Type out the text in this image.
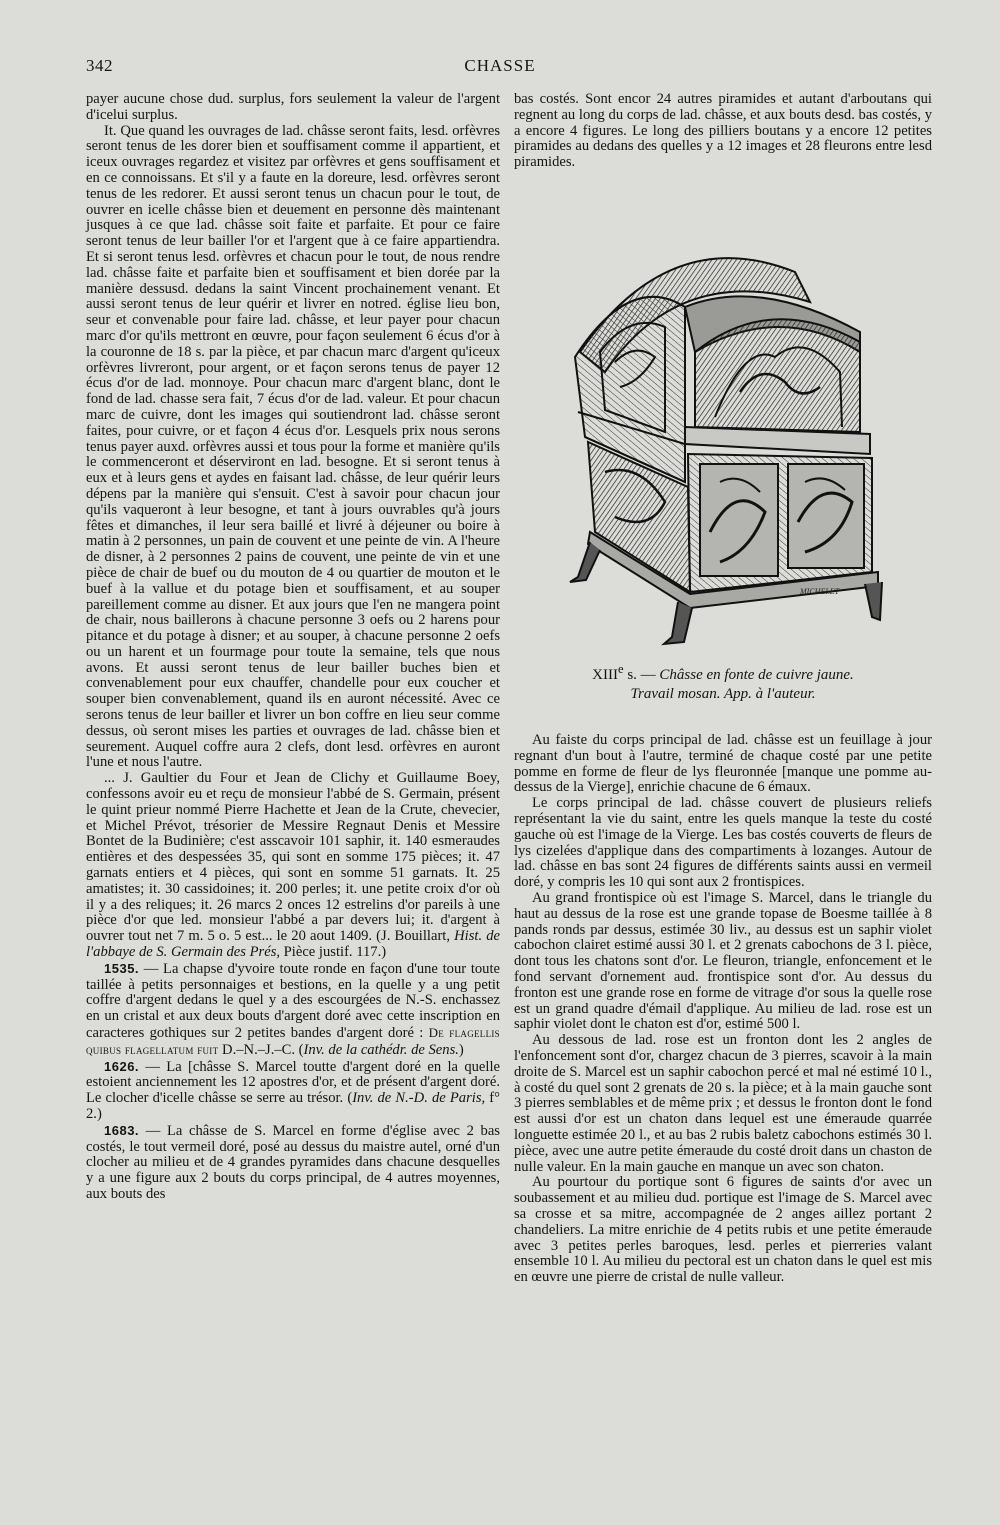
342	CHASSE

payer aucune chose dud. surplus, fors seulement la valeur de l'argent d'icelui surplus.

It. Que quand les ouvrages de lad. châsse seront faits, lesd. orfèvres seront tenus de les dorer bien et souffisament comme il appartient, et iceux ouvrages regardez et visitez par orfèvres et gens souffisament et en ce connoissans. Et s'il y a faute en la doreure, lesd. orfèvres seront tenus de les redorer. Et aussi seront tenus un chacun pour le tout, de ouvrer en icelle châsse bien et deuement en personne dès maintenant jusques à ce que lad. châsse soit faite et parfaite. Et pour ce faire seront tenus de leur bailler l'or et l'argent que à ce faire appartiendra. Et si seront tenus lesd. orfèvres et chacun pour le tout, de nous rendre lad. châsse faite et parfaite bien et souffisament et bien dorée par la manière dessusd. dedans la saint Vincent prochainement venant. Et aussi seront tenus de leur quérir et livrer en notred. église lieu bon, seur et convenable pour faire lad. châsse, et leur payer pour chacun marc d'or qu'ils mettront en œuvre, pour façon seulement 6 écus d'or à la couronne de 18 s. par la pièce, et par chacun marc d'argent qu'iceux orfèvres livreront, pour argent, or et façon serons tenus de payer 12 écus d'or de lad. monnoye. Pour chacun marc d'argent blanc, dont le fond de lad. chasse sera fait, 7 écus d'or de lad. valeur. Et pour chacun marc de cuivre, dont les images qui soutiendront lad. châsse seront faites, pour cuivre, or et façon 4 écus d'or. Lesquels prix nous serons tenus payer auxd. orfèvres aussi et tous pour la forme et manière qu'ils le commenceront et déserviront en lad. besogne. Et si seront tenus à eux et à leurs gens et aydes en faisant lad. châsse, de leur quérir leurs dépens par la manière qui s'ensuit. C'est à savoir pour chacun jour qu'ils vaqueront à leur besogne, et tant à jours ouvrables qu'à jours fêtes et dimanches, il leur sera baillé et livré à déjeuner ou boire à matin à 2 personnes, un pain de couvent et une peinte de vin. A l'heure de disner, à 2 personnes 2 pains de couvent, une peinte de vin et une pièce de chair de buef ou du mouton de 4 ou quartier de mouton et le buef à la vallue et du potage bien et souffisament, et au souper pareillement comme au disner. Et aux jours que l'en ne mangera point de chair, nous baillerons à chacune personne 3 oefs ou 2 harens pour pitance et du potage à disner; et au souper, à chacune personne 2 oefs ou un harent et un fourmage pour toute la semaine, tels que nous avons. Et aussi seront tenus de leur bailler buches bien et convenablement pour eux chauffer, chandelle pour eux coucher et souper bien convenablement, quand ils en auront nécessité. Avec ce serons tenus de leur bailler et livrer un bon coffre en lieu seur comme dessus, où seront mises les parties et ouvrages de lad. châsse bien et seurement. Auquel coffre aura 2 clefs, dont lesd. orfèvres en auront l'une et nous l'autre.

... J. Gaultier du Four et Jean de Clichy et Guillaume Boey, confessons avoir eu et reçu de monsieur l'abbé de S. Germain, présent le quint prieur nommé Pierre Hachette et Jean de la Crute, chevecier, et Michel Prévot, trésorier de Messire Regnaut Denis et Messire Bontet de la Budinière; c'est asscavoir 101 saphir, it. 140 esmeraudes entières et des despessées 35, qui sont en somme 175 pièces; it. 47 garnats entiers et 4 pièces, qui sont en somme 51 garnats. It. 25 amatistes; it. 30 cassidoines; it. 200 perles; it. une petite croix d'or où il y a des reliques; it. 26 marcs 2 onces 12 estrelins d'or pareils à une pièce d'or que led. monsieur l'abbé a par devers lui; it. d'argent à ouvrer tout net 7 m. 5 o. 5 est... le 20 aout 1409. (J. Bouillart, Hist. de l'abbaye de S. Germain des Prés, Pièce justif. 117.)

1535. — La chapse d'yvoire toute ronde en façon d'une tour toute taillée à petits personnaiges et bestions, en la quelle y a ung petit coffre d'argent dedans le quel y a des escourgées de N.-S. enchassez en un cristal et aux deux bouts d'argent doré avec cette inscription en caracteres gothiques sur 2 petites bandes d'argent doré : De flagellis quibus flagellatum fuit D.–N.–J.–C. (Inv. de la cathédr. de Sens.)

1626. — La [châsse S. Marcel toutte d'argent doré en la quelle estoient anciennement les 12 apostres d'or, et de présent d'argent doré. Le clocher d'icelle châsse se serre au trésor. (Inv. de N.-D. de Paris, f° 2.)

1683. — La châsse de S. Marcel en forme d'église avec 2 bas costés, le tout vermeil doré, posé au dessus du maistre autel, orné d'un clocher au milieu et de 4 grandes pyramides dans chacune desquelles y a une figure aux 2 bouts du corps principal, de 4 autres moyennes, aux bouts des

bas costés. Sont encor 24 autres piramides et autant d'arboutans qui regnent au long du corps de lad. châsse, et aux bouts desd. bas costés, y a encore 4 figures. Le long des pilliers boutans y a encore 12 petites piramides au dedans des quelles y a 12 images et 28 fleurons entre lesd piramides.

MICHELET
XIIIe s. — Châsse en fonte de cuivre jaune.
Travail mosan. App. à l'auteur.

Au faiste du corps principal de lad. châsse est un feuillage à jour regnant d'un bout à l'autre, terminé de chaque costé par une petite pomme en forme de fleur de lys fleuronnée [manque une pomme au-dessus de la Vierge], enrichie chacune de 6 émaux.

Le corps principal de lad. châsse couvert de plusieurs reliefs représentant la vie du saint, entre les quels manque la teste du costé gauche où est l'image de la Vierge. Les bas costés couverts de fleurs de lys cizelées d'applique dans des compartiments à lozanges. Autour de lad. châsse en bas sont 24 figures de différents saints aussi en vermeil doré, y compris les 10 qui sont aux 2 frontispices.

Au grand frontispice où est l'image S. Marcel, dans le triangle du haut au dessus de la rose est une grande topase de Boesme taillée à 8 pands ronds par dessus, estimée 30 liv., au dessus est un saphir violet cabochon clairet estimé aussi 30 l. et 2 grenats cabochons de 3 l. pièce, dont tous les chatons sont d'or. Le fleuron, triangle, enfoncement et le fond servant d'ornement aud. frontispice sont d'or. Au dessus du fronton est une grande rose en forme de vitrage d'or sous la quelle rose est un grand quadre d'émail d'applique. Au milieu de lad. rose est un saphir violet dont le chaton est d'or, estimé 500 l.

Au dessous de lad. rose est un fronton dont les 2 angles de l'enfoncement sont d'or, chargez chacun de 3 pierres, scavoir à la main droite de S. Marcel est un saphir cabochon percé et mal né estimé 10 l., à costé du quel sont 2 grenats de 20 s. la pièce; et à la main gauche sont 3 pierres semblables et de même prix ; et dessus le fronton dont le fond est aussi d'or est un chaton dans lequel est une émeraude quarrée longuette estimée 20 l., et au bas 2 rubis baletz cabochons estimés 30 l. pièce, avec une autre petite émeraude du costé droit dans un chaston de nulle valeur. En la main gauche en manque un avec son chaton.

Au pourtour du portique sont 6 figures de saints d'or avec un soubassement et au milieu dud. portique est l'image de S. Marcel avec sa crosse et sa mitre, accompagnée de 2 anges aillez portant 2 chandeliers. La mitre enrichie de 4 petits rubis et une petite émeraude avec 3 petites perles baroques, lesd. perles et pierreries valant ensemble 10 l. Au milieu du pectoral est un chaton dans le quel est mis en œuvre une pierre de cristal de nulle valleur.
